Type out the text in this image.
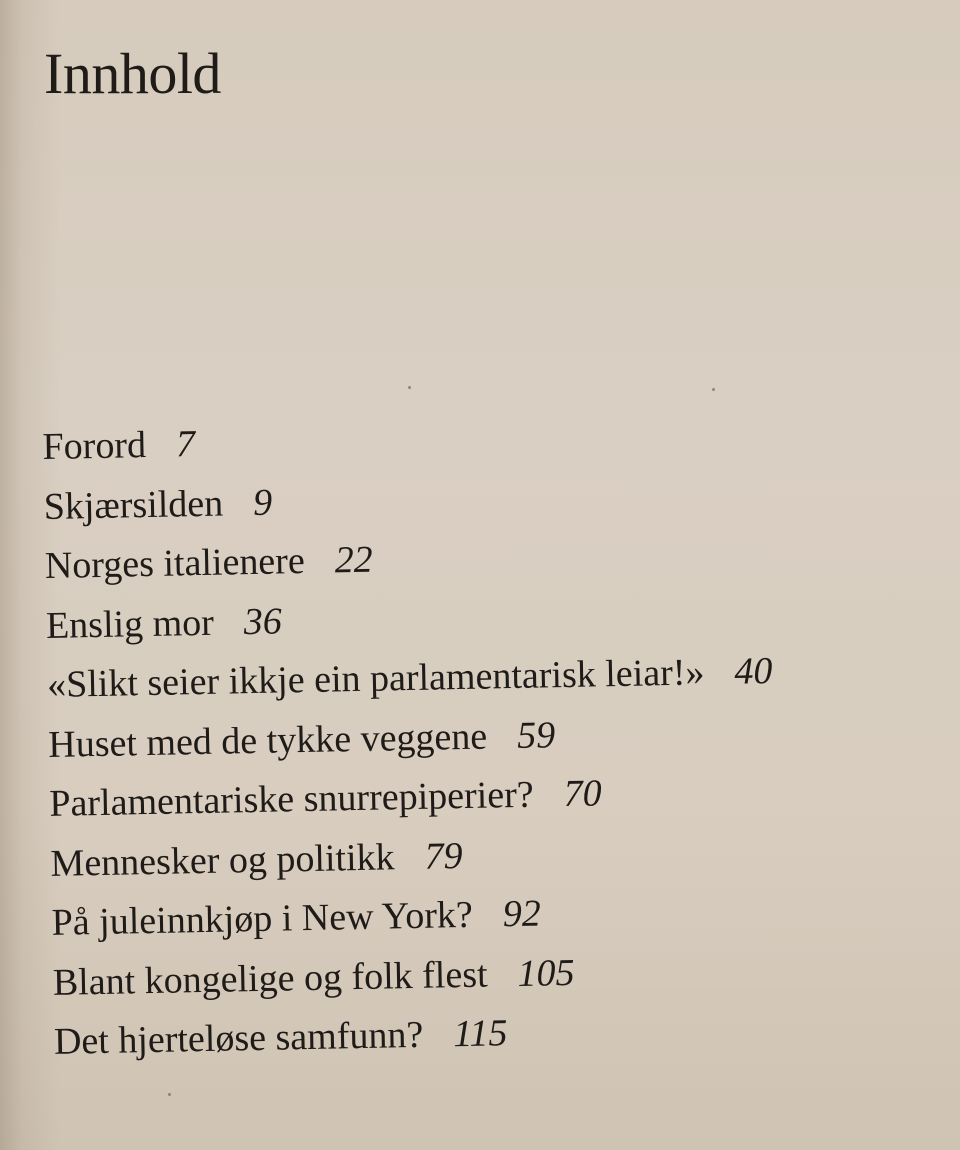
Innhold
Forord 7
Skjærsilden 9
Norges italienere 22
Enslig mor 36
«Slikt seier ikkje ein parlamentarisk leiar!» 40
Huset med de tykke veggene 59
Parlamentariske snurrepiperier? 70
Mennesker og politikk 79
På juleinnkjøp i New York? 92
Blant kongelige og folk flest 105
Det hjerteløse samfunn? 115
